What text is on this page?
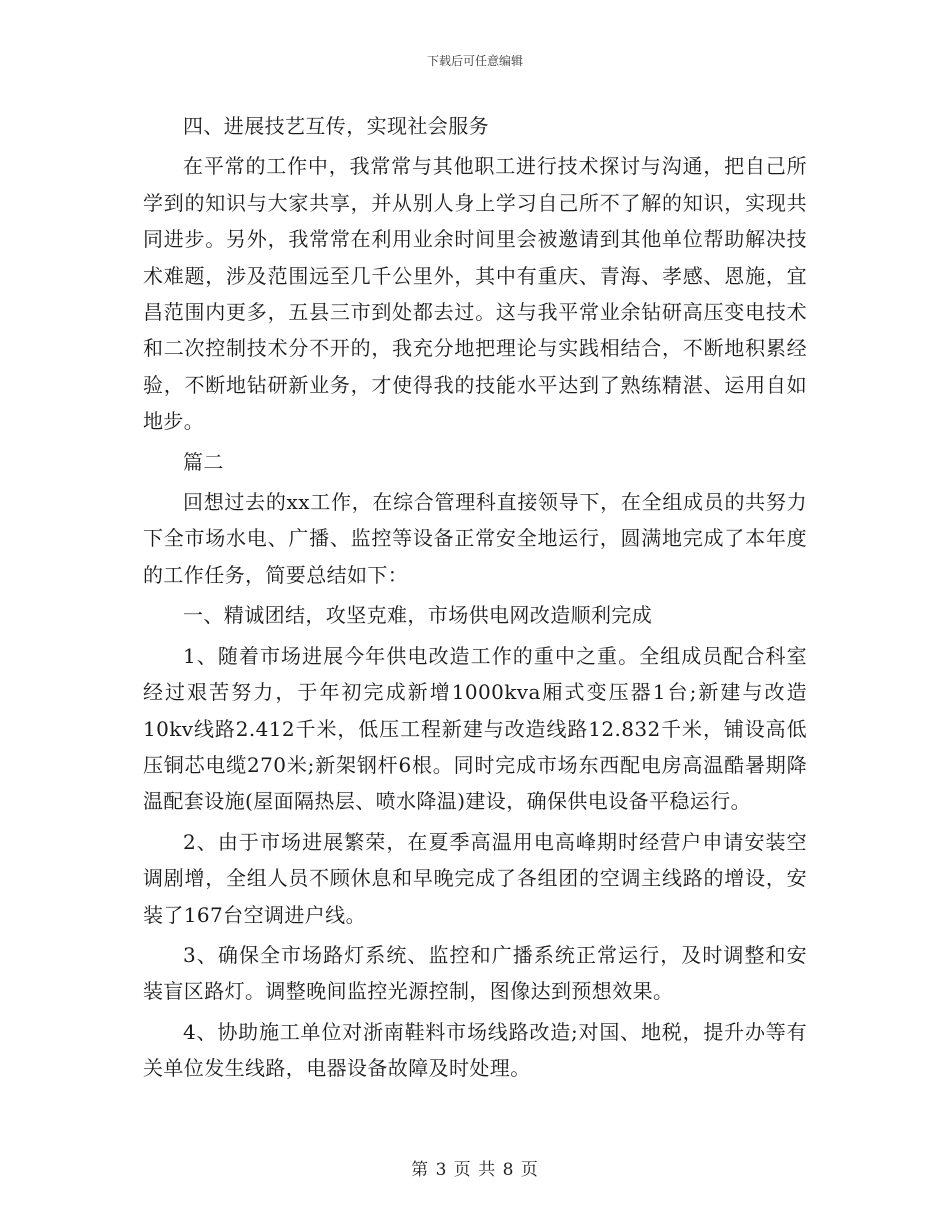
下载后可任意编辑

四、进展技艺互传，实现社会服务

在平常的工作中，我常常与其他职工进行技术探讨与沟通，把自己所学到的知识与大家共享，并从别人身上学习自己所不了解的知识，实现共同进步。另外，我常常在利用业余时间里会被邀请到其他单位帮助解决技术难题，涉及范围远至几千公里外，其中有重庆、青海、孝感、恩施，宜昌范围内更多，五县三市到处都去过。这与我平常业余钻研高压变电技术和二次控制技术分不开的，我充分地把理论与实践相结合，不断地积累经验，不断地钻研新业务，才使得我的技能水平达到了熟练精湛、运用自如地步。

篇二

回想过去的xx工作，在综合管理科直接领导下，在全组成员的共努力下全市场水电、广播、监控等设备正常安全地运行，圆满地完成了本年度的工作任务，简要总结如下：

一、精诚团结，攻坚克难，市场供电网改造顺利完成

1、随着市场进展今年供电改造工作的重中之重。全组成员配合科室经过艰苦努力，于年初完成新增1000kva厢式变压器1台;新建与改造10kv线路2.412千米，低压工程新建与改造线路12.832千米，铺设高低压铜芯电缆270米;新架钢杆6根。同时完成市场东西配电房高温酷暑期降温配套设施(屋面隔热层、喷水降温)建设，确保供电设备平稳运行。

2、由于市场进展繁荣，在夏季高温用电高峰期时经营户申请安装空调剧增，全组人员不顾休息和早晚完成了各组团的空调主线路的增设，安装了167台空调进户线。

3、确保全市场路灯系统、监控和广播系统正常运行，及时调整和安装盲区路灯。调整晚间监控光源控制，图像达到预想效果。

4、协助施工单位对浙南鞋料市场线路改造;对国、地税，提升办等有关单位发生线路，电器设备故障及时处理。

第 3 页 共 8 页
